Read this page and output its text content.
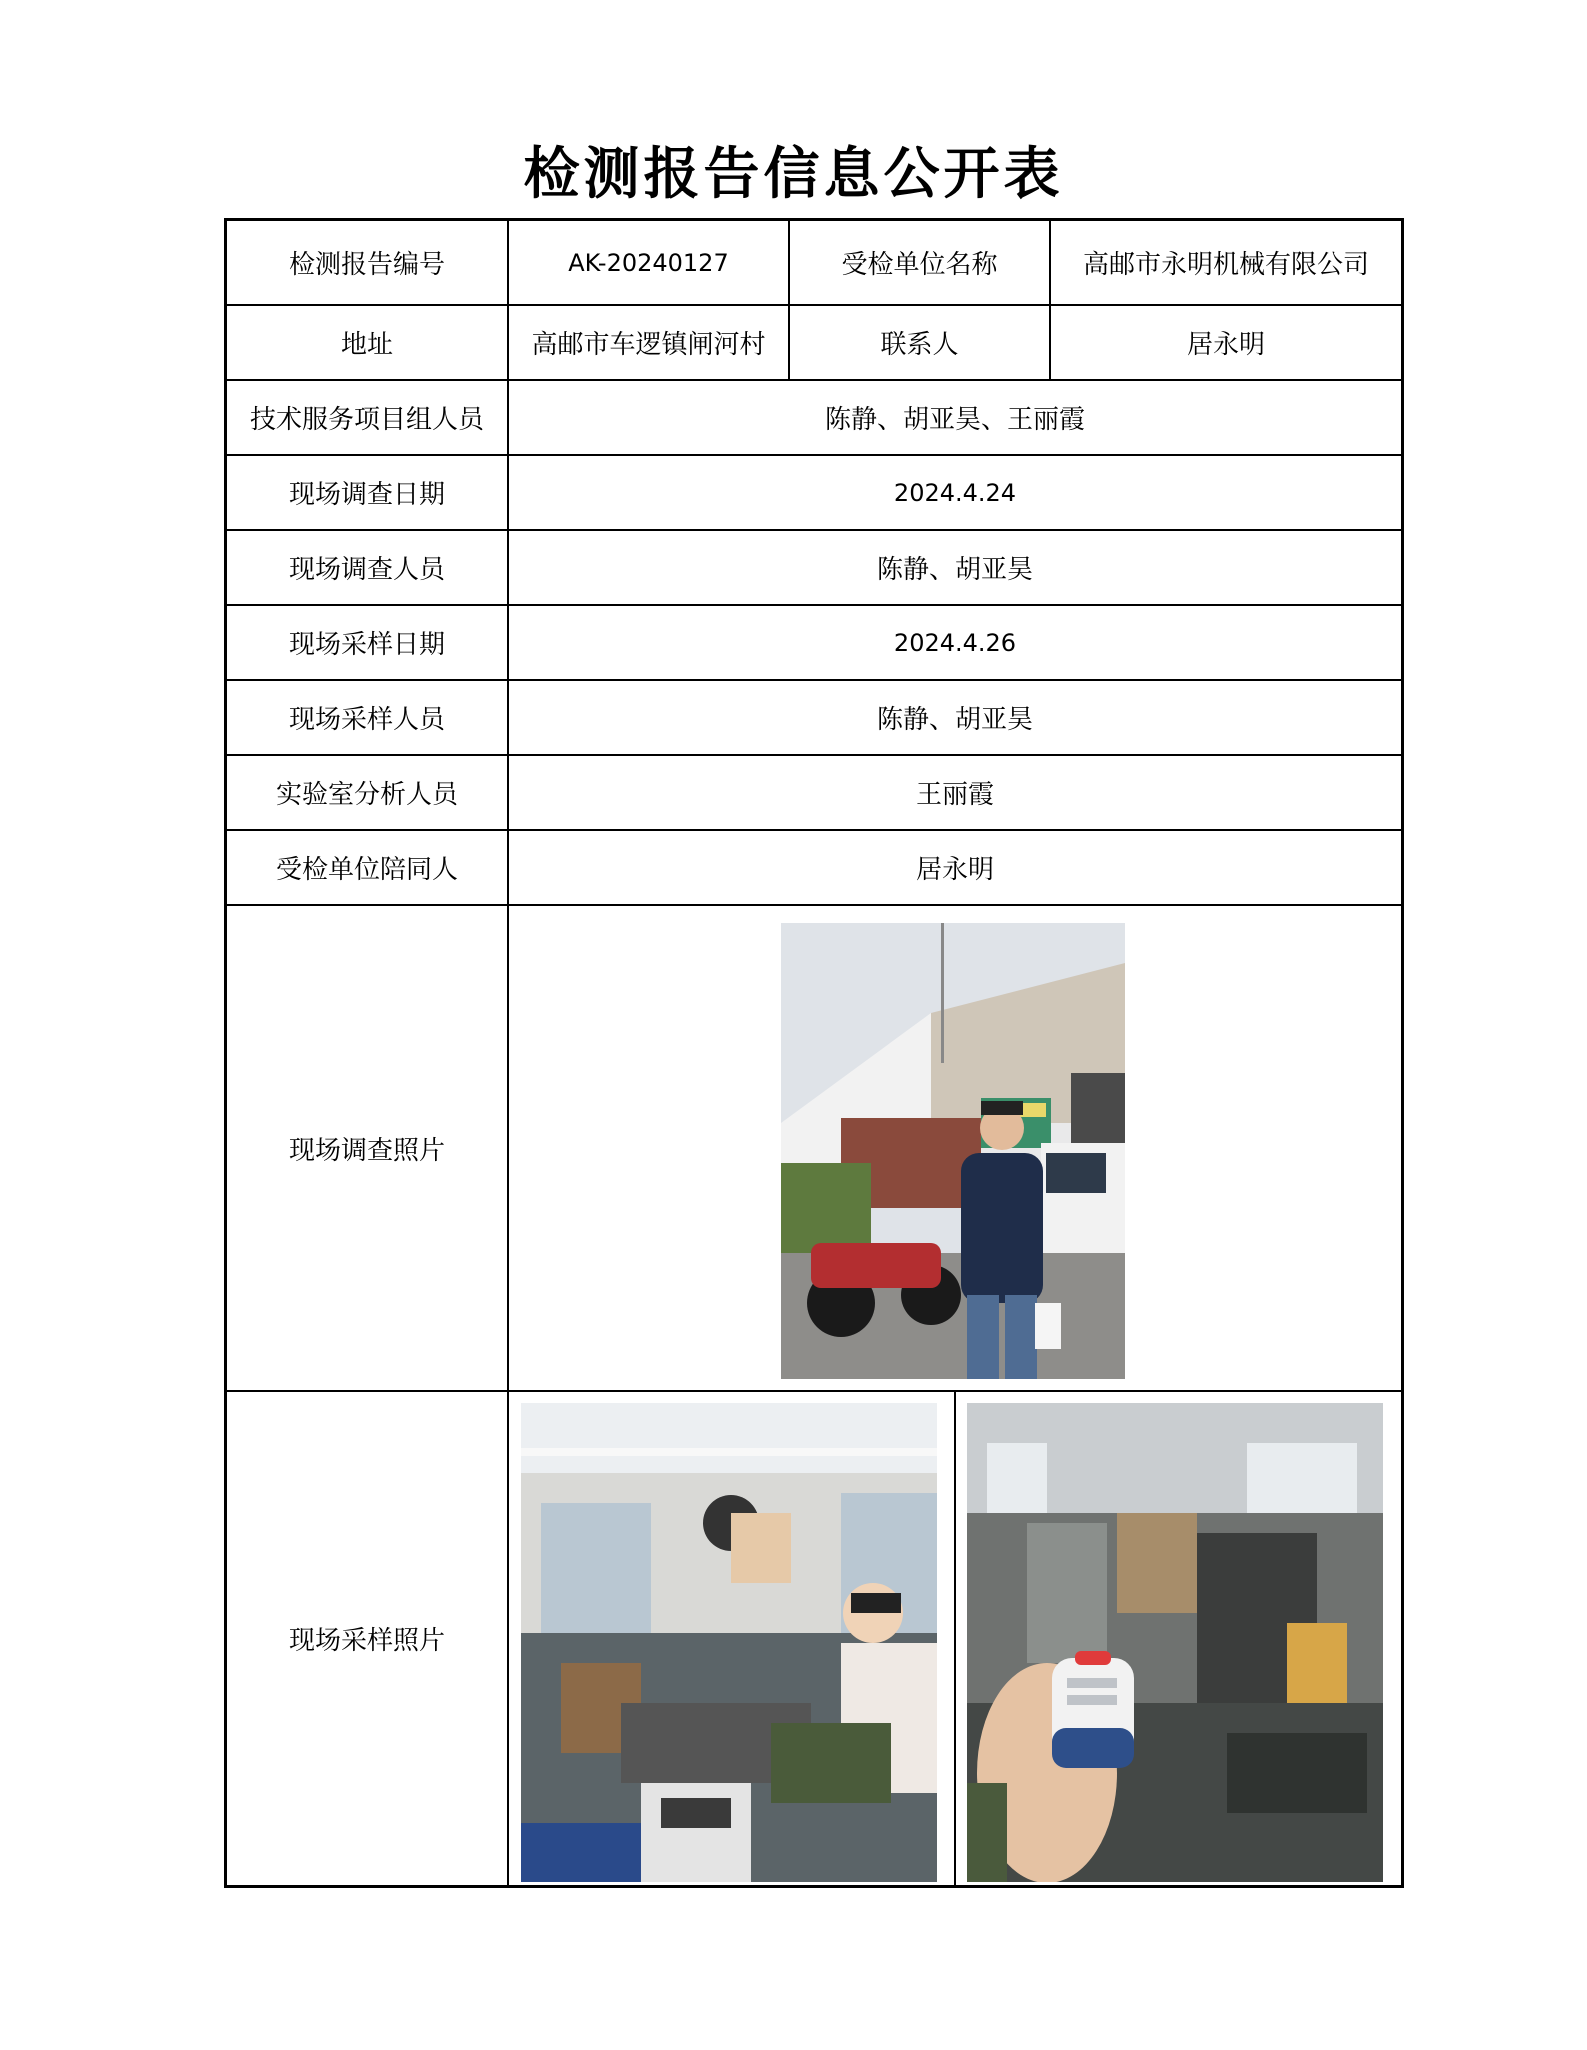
检测报告信息公开表
检测报告编号	AK-20240127	受检单位名称	高邮市永明机械有限公司
地址	高邮市车逻镇闸河村	联系人	居永明
技术服务项目组人员	陈静、胡亚昊、王丽霞
现场调查日期	2024.4.24
现场调查人员	陈静、胡亚昊
现场采样日期	2024.4.26
现场采样人员	陈静、胡亚昊
实验室分析人员	王丽霞
受检单位陪同人	居永明
现场调查照片
现场采样照片
